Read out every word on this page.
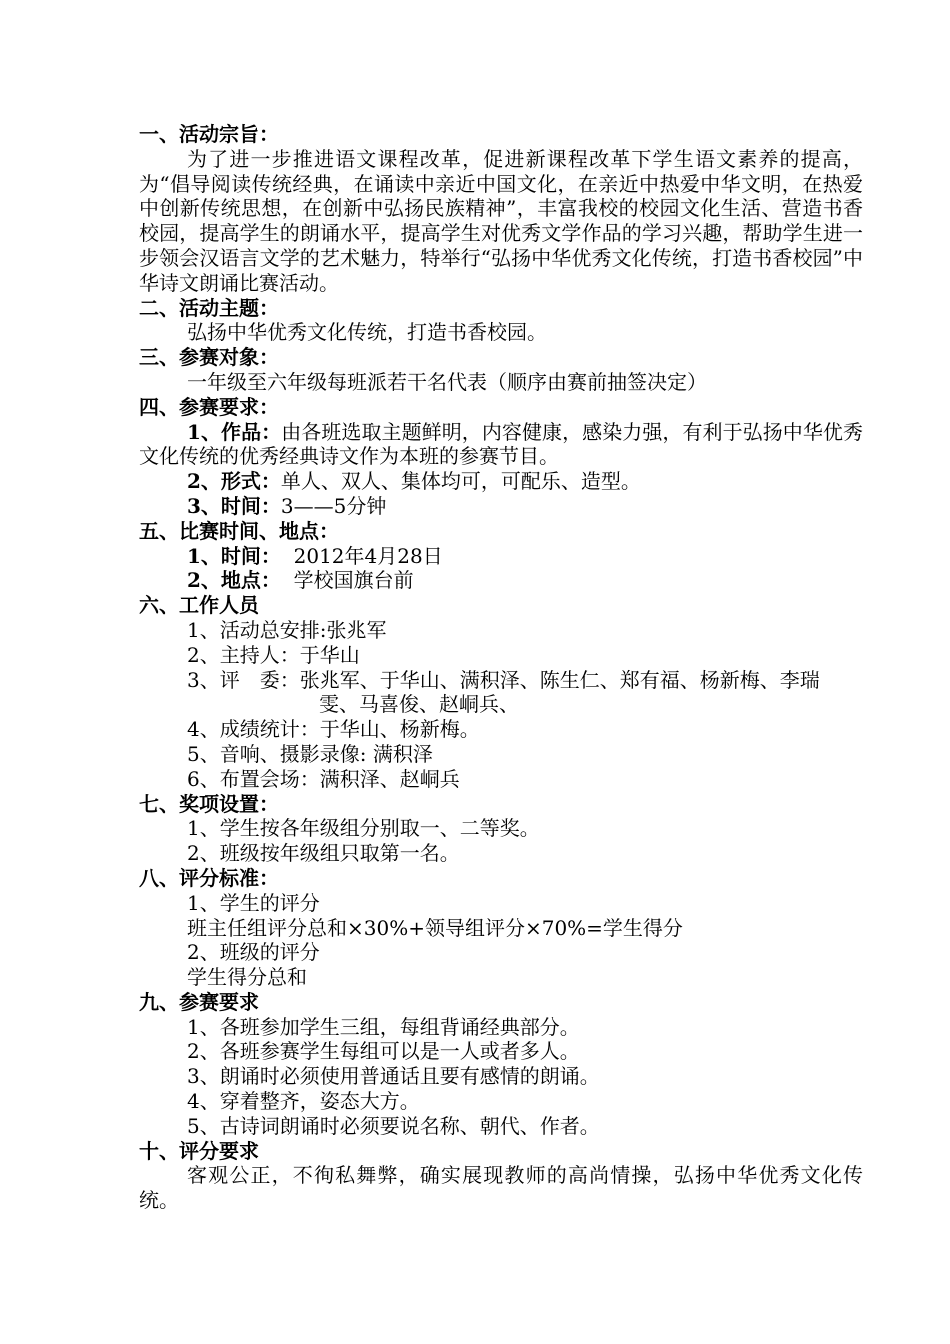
一、活动宗旨：
为了进一步推进语文课程改革，促进新课程改革下学生语文素养的提高，为“倡导阅读传统经典，在诵读中亲近中国文化，在亲近中热爱中华文明，在热爱中创新传统思想，在创新中弘扬民族精神”，丰富我校的校园文化生活、营造书香校园，提高学生的朗诵水平，提高学生对优秀文学作品的学习兴趣，帮助学生进一步领会汉语言文学的艺术魅力，特举行“弘扬中华优秀文化传统，打造书香校园”中华诗文朗诵比赛活动。
二、活动主题：
弘扬中华优秀文化传统，打造书香校园。
三、参赛对象：
一年级至六年级每班派若干名代表（顺序由赛前抽签决定）
四、参赛要求：
1、作品：由各班选取主题鲜明，内容健康，感染力强，有利于弘扬中华优秀文化传统的优秀经典诗文作为本班的参赛节目。
2、形式：单人、双人、集体均可，可配乐、造型。
3、时间：3——5分钟
五、比赛时间、地点：
1、时间：  2012年4月28日
2、地点：  学校国旗台前
六、工作人员
1、活动总安排:张兆军
2、主持人：于华山
3、评　委：张兆军、于华山、满积泽、陈生仁、郑有福、杨新梅、李瑞
雯、马喜俊、赵峒兵、
4、成绩统计：于华山、杨新梅。
5、音响、摄影录像: 满积泽
6、布置会场：满积泽、赵峒兵
七、奖项设置：
1、学生按各年级组分别取一、二等奖。
2、班级按年级组只取第一名。
八、评分标准：
1、学生的评分
班主任组评分总和×30%+领导组评分×70%=学生得分
2、班级的评分
学生得分总和
九、参赛要求
1、各班参加学生三组，每组背诵经典部分。
2、各班参赛学生每组可以是一人或者多人。
3、朗诵时必须使用普通话且要有感情的朗诵。
4、穿着整齐，姿态大方。
5、古诗词朗诵时必须要说名称、朝代、作者。
十、评分要求
客观公正，不徇私舞弊，确实展现教师的高尚情操，弘扬中华优秀文化传统。
